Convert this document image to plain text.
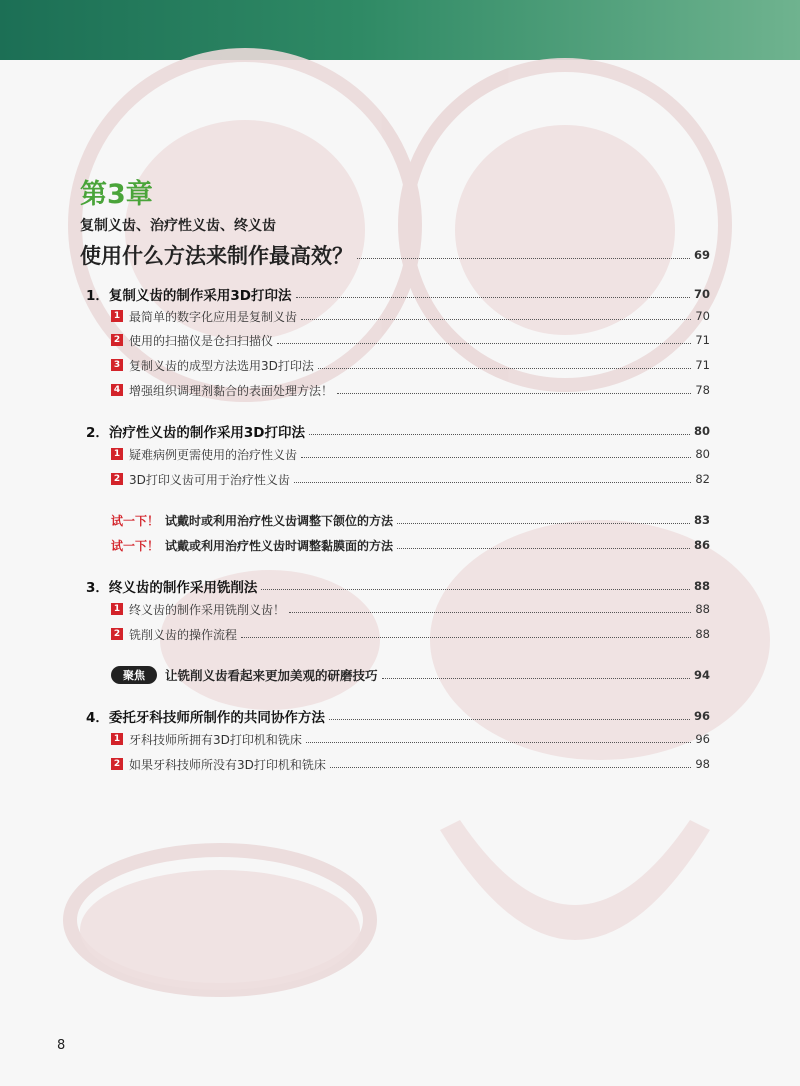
第3章
复制义齿、治疗性义齿、终义齿
使用什么方法来制作最高效？	69
1．复制义齿的制作采用3D打印法	70
1 最简单的数字化应用是复制义齿	70
2 使用的扫描仪是仓扫扫描仪	71
3 复制义齿的成型方法选用3D打印法	71
4 增强组织调理剂黏合的表面处理方法！	78
2．治疗性义齿的制作采用3D打印法	80
1 疑难病例更需使用的治疗性义齿	80
2 3D打印义齿可用于治疗性义齿	82
试一下！ 试戴时或利用治疗性义齿调整下颌位的方法	83
试一下！ 试戴或利用治疗性义齿时调整黏膜面的方法	86
3．终义齿的制作采用铣削法	88
1 终义齿的制作采用铣削义齿！	88
2 铣削义齿的操作流程	88
聚焦	让铣削义齿看起来更加美观的研磨技巧	94
4．委托牙科技师所制作的共同协作方法	96
1 牙科技师所拥有3D打印机和铣床	96
2 如果牙科技师所没有3D打印机和铣床	98
8
